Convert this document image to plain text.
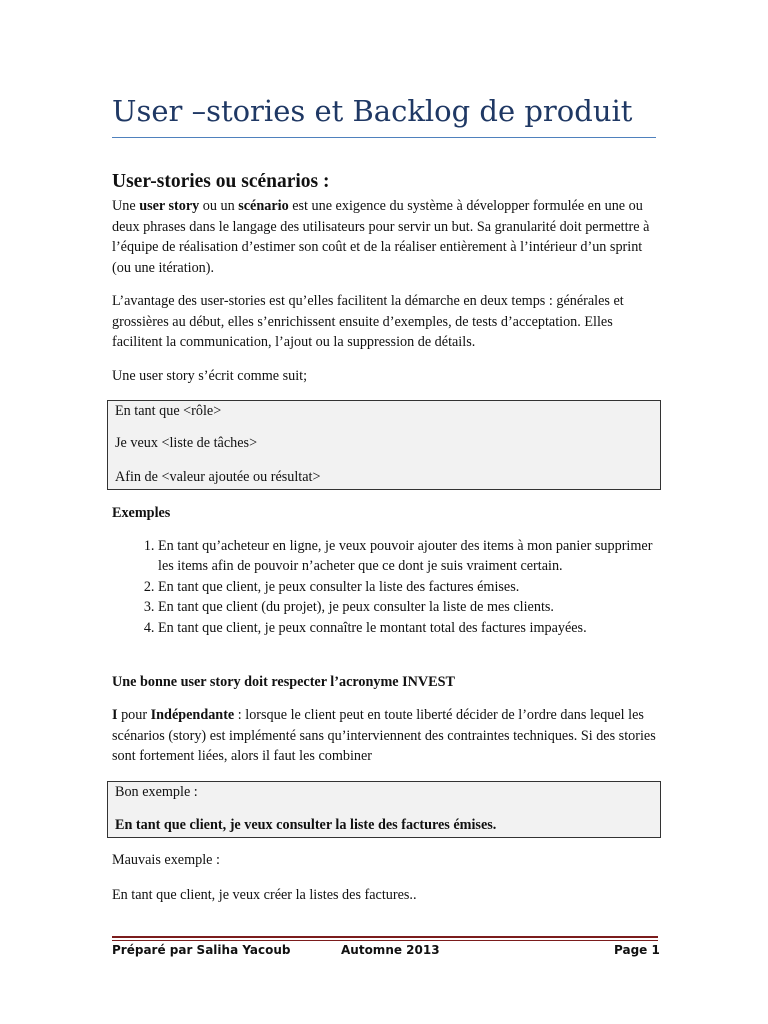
User –stories et Backlog de produit
User-stories ou scénarios :

Une user story ou un scénario est une exigence du système à développer formulée en une ou deux phrases dans le langage des utilisateurs pour servir un but. Sa granularité doit permettre à l’équipe de réalisation d’estimer son coût et de la réaliser entièrement à l’intérieur d’un sprint (ou une itération).

L’avantage des user-stories est qu’elles facilitent la démarche en deux temps : générales et grossières au début, elles s’enrichissent ensuite d’exemples, de tests d’acceptation. Elles facilitent la communication, l’ajout ou la suppression de détails.

Une user story s’écrit comme suit;

En tant que <rôle>
Je veux <liste de tâches>
Afin de <valeur ajoutée ou résultat>

Exemples

1. En tant qu’acheteur en ligne, je veux pouvoir ajouter des items à mon panier supprimer les items afin de pouvoir n’acheter que ce dont je suis vraiment certain.
2. En tant que client, je peux consulter la liste des factures émises.
3. En tant que client (du projet), je peux consulter la liste de mes clients.
4. En tant que client, je peux connaître le montant total des factures impayées.

Une bonne user story doit respecter l’acronyme INVEST

I pour Indépendante : lorsque le client peut en toute liberté décider de l’ordre dans lequel les scénarios (story) est implémenté sans qu’interviennent des contraintes techniques. Si des stories sont fortement liées, alors il faut les combiner

Bon exemple :
En tant que client, je veux consulter la liste des factures émises.

Mauvais exemple :

En tant que client, je veux créer la listes des factures..

Préparé par Saliha Yacoub	Automne 2013	Page 1
